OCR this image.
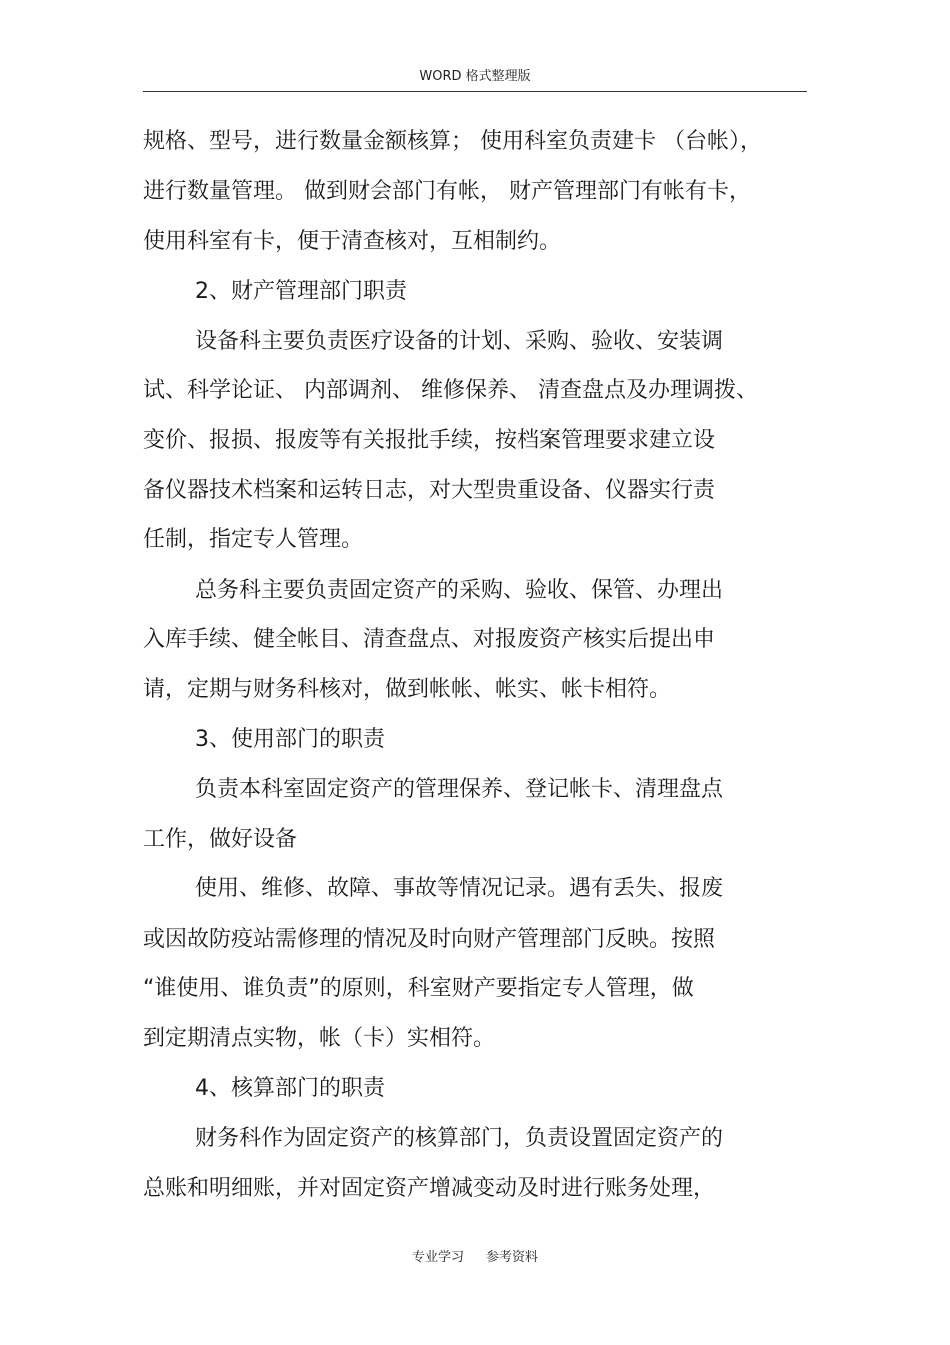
WORD 格式整理版
规格、型号，进行数量金额核算； 使用科室负责建卡 （台帐），
进行数量管理。 做到财会部门有帐， 财产管理部门有帐有卡，
使用科室有卡，便于清查核对，互相制约。
2、财产管理部门职责
设备科主要负责医疗设备的计划、采购、验收、安装调
试、科学论证、 内部调剂、 维修保养、 清查盘点及办理调拨、
变价、报损、报废等有关报批手续，按档案管理要求建立设
备仪器技术档案和运转日志，对大型贵重设备、仪器实行责
任制，指定专人管理。
总务科主要负责固定资产的采购、验收、保管、办理出
入库手续、健全帐目、清查盘点、对报废资产核实后提出申
请，定期与财务科核对，做到帐帐、帐实、帐卡相符。
3、使用部门的职责
负责本科室固定资产的管理保养、登记帐卡、清理盘点
工作，做好设备
使用、维修、故障、事故等情况记录。遇有丢失、报废
或因故防疫站需修理的情况及时向财产管理部门反映。按照
“谁使用、谁负责”的原则，科室财产要指定专人管理，做
到定期清点实物，帐（卡）实相符。
4、核算部门的职责
财务科作为固定资产的核算部门，负责设置固定资产的
总账和明细账，并对固定资产增减变动及时进行账务处理，
专业学习 参考资料
